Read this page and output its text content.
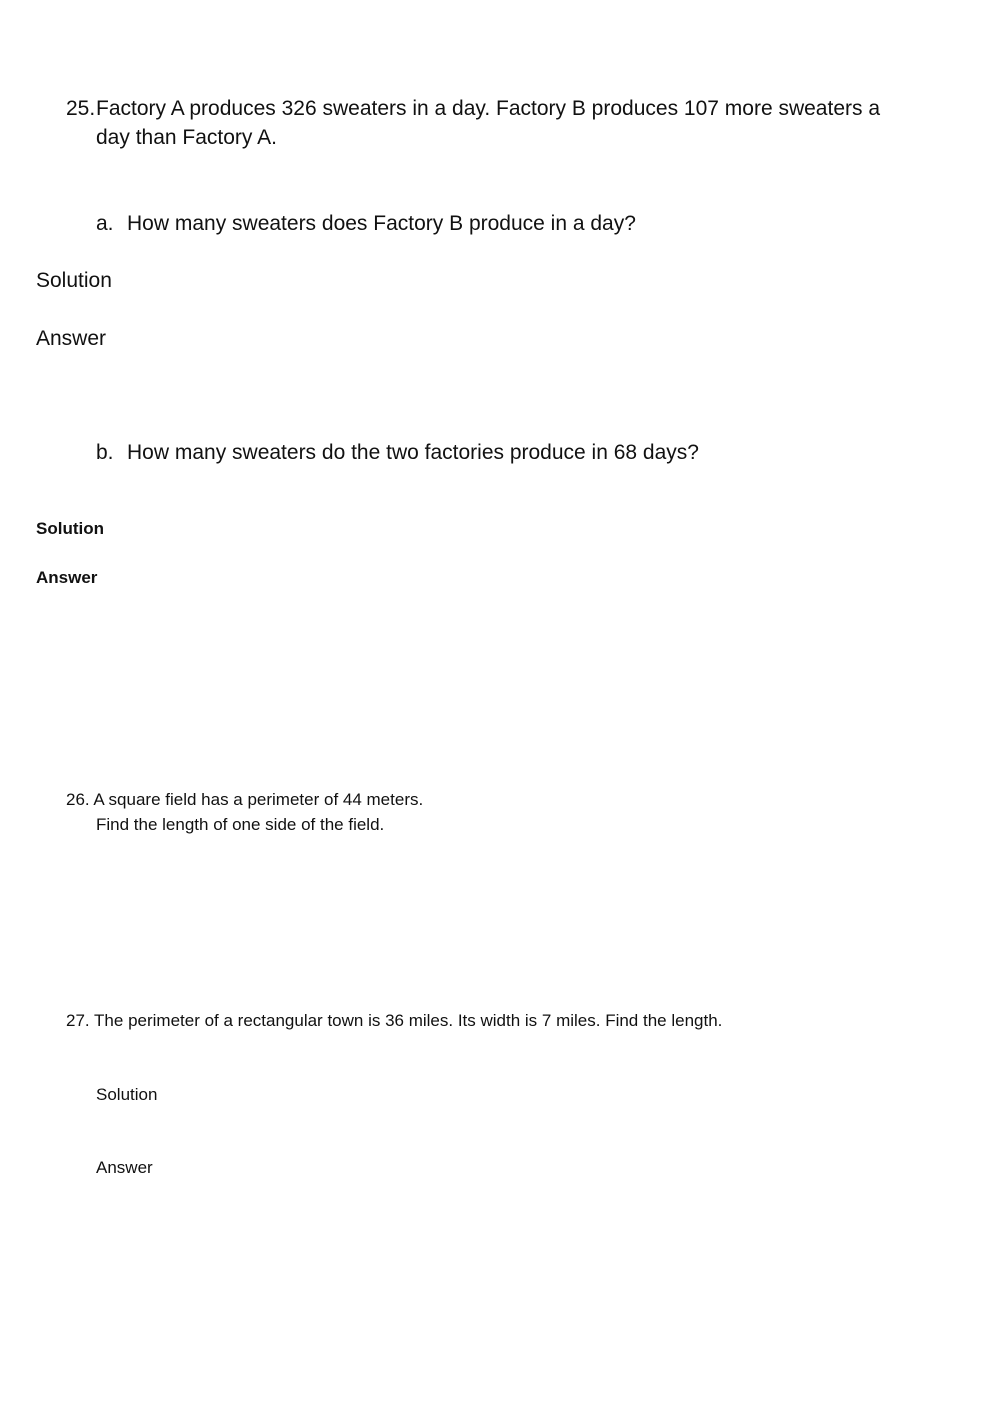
25. Factory A produces 326 sweaters in a day. Factory B produces 107 more sweaters a
day than Factory A.
a. How many sweaters does Factory B produce in a day?
Solution
Answer
b. How many sweaters do the two factories produce in 68 days?
Solution
Answer
26. A square field has a perimeter of 44 meters.
Find the length of one side of the field.
27. The perimeter of a rectangular town is 36 miles. Its width is 7 miles. Find the length.
Solution
Answer
